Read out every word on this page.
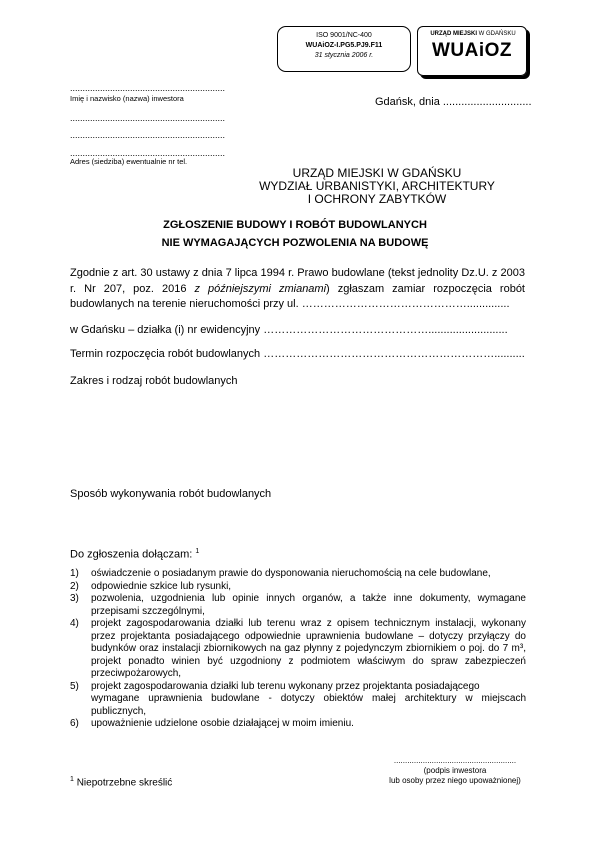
ISO 9001/NC-400
WUAiOZ-I.PG5.PJ9.F11
31 stycznia 2006 r.
URZĄD MIEJSKI W GDAŃSKU
WUAiOZ
..............................................................
Imię i nazwisko (nazwa) inwestora
..............................................................
..............................................................
..............................................................
Adres (siedziba) ewentualnie nr tel.
Gdańsk, dnia .............................
URZĄD MIEJSKI W GDAŃSKU
WYDZIAŁ URBANISTYKI, ARCHITEKTURY
I OCHRONY ZABYTKÓW
ZGŁOSZENIE BUDOWY I ROBÓT BUDOWLANYCH
NIE WYMAGAJĄCYCH POZWOLENIA NA BUDOWĘ
Zgodnie z art. 30 ustawy z dnia 7 lipca 1994 r. Prawo budowlane (tekst jednolity Dz.U. z 2003 r. Nr 207, poz. 2016 z późniejszymi zmianami) zgłaszam zamiar rozpoczęcia robót budowlanych na terenie nieruchomości przy ul. ………………………………………..............
w Gdańsku – działka (i) nr ewidencyjny ………………………………………..........................
Termin rozpoczęcia robót budowlanych ………………………………………………………..........
Zakres i rodzaj robót budowlanych
Sposób wykonywania robót budowlanych
Do zgłoszenia dołączam: $^1$
1)	oświadczenie o posiadanym prawie do dysponowania nieruchomością na cele budowlane,
2)	odpowiednie szkice lub rysunki,
3)	pozwolenia, uzgodnienia lub opinie innych organów, a także inne dokumenty, wymagane przepisami szczególnymi,
4)	projekt zagospodarowania działki lub terenu wraz z opisem technicznym instalacji, wykonany przez projektanta posiadającego odpowiednie uprawnienia budowlane – dotyczy przyłączy do budynków oraz instalacji zbiornikowych na gaz płynny z pojedynczym zbiornikiem o poj. do 7 m³, projekt ponadto winien być uzgodniony z podmiotem właściwym do spraw zabezpieczeń przeciwpożarowych,
5)	projekt zagospodarowania działki lub terenu wykonany przez projektanta posiadającego
wymagane uprawnienia budowlane - dotyczy obiektów małej architektury w miejscach publicznych,
6)	upoważnienie udzielone osobie działającej w moim imieniu.
.......................................................
(podpis inwestora
lub osoby przez niego upoważnionej)
$^1$ Niepotrzebne skreślić
